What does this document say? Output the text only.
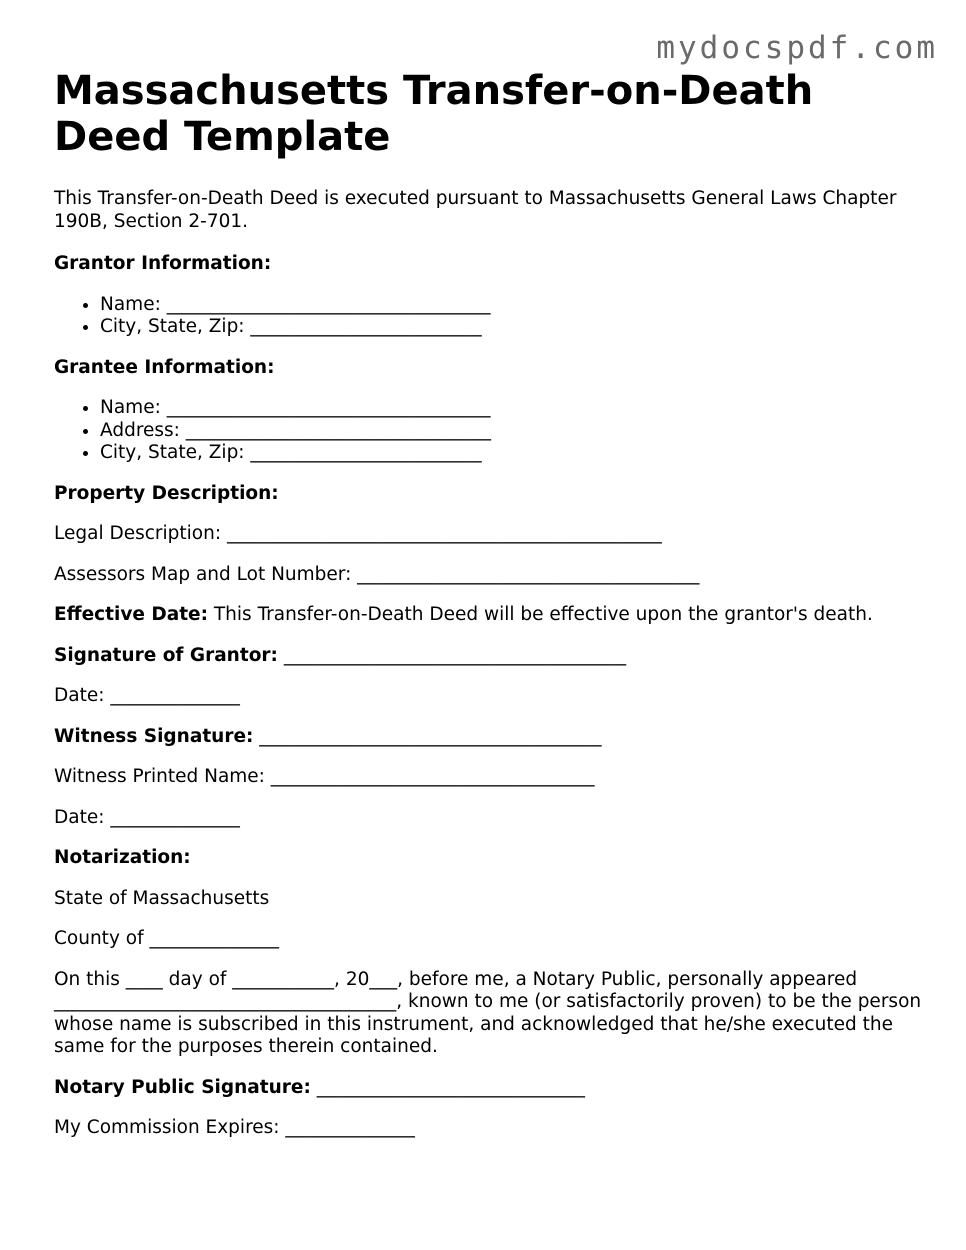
mydocspdf.com
Massachusetts Transfer-on-Death Deed Template

This Transfer-on-Death Deed is executed pursuant to Massachusetts General Laws Chapter 190B, Section 2-701.

Grantor Information:

• Name: ___________________________________
• City, State, Zip: _________________________

Grantee Information:

• Name: ___________________________________
• Address: _________________________________
• City, State, Zip: _________________________

Property Description:

Legal Description: _______________________________________________

Assessors Map and Lot Number: _____________________________________

Effective Date: This Transfer-on-Death Deed will be effective upon the grantor's death.

Signature of Grantor: _____________________________________

Date: ______________

Witness Signature: _____________________________________

Witness Printed Name: ___________________________________

Date: ______________

Notarization:

State of Massachusetts

County of ______________

On this ____ day of ___________, 20___, before me, a Notary Public, personally appeared _____________________________________, known to me (or satisfactorily proven) to be the person whose name is subscribed in this instrument, and acknowledged that he/she executed the same for the purposes therein contained.

Notary Public Signature: _____________________________

My Commission Expires: ______________
